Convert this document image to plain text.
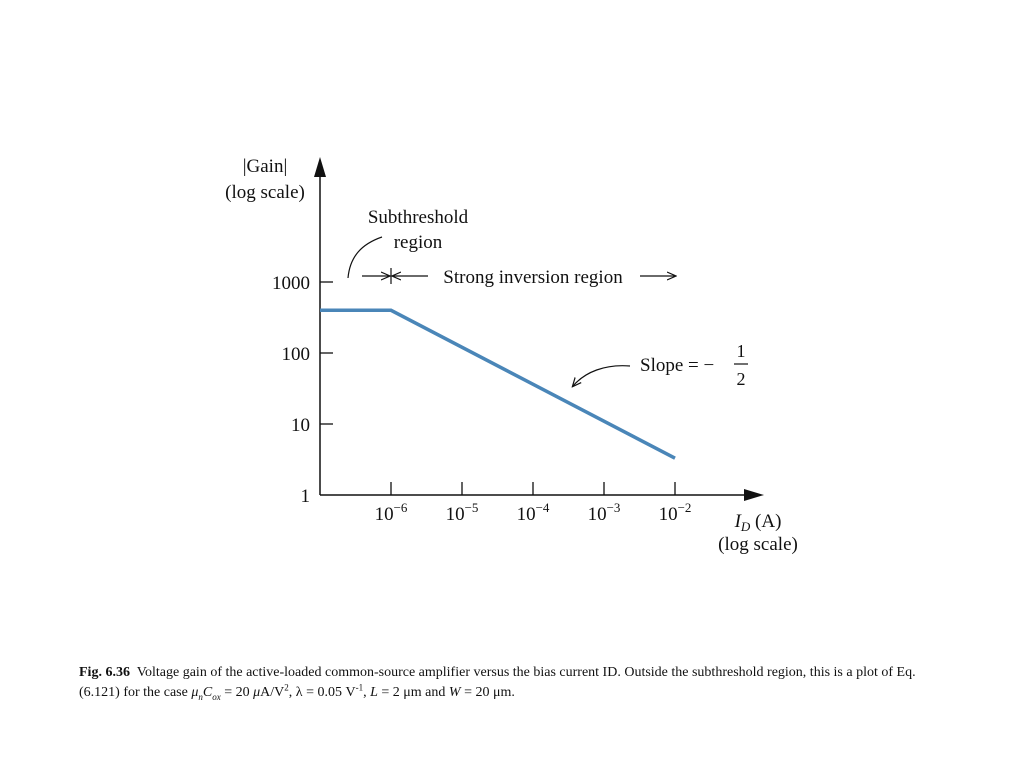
1
10
100
1000
$10^{-6}$ $10^{-5}$ $10^{-4}$ $10^{-3}$ $10^{-2}$
|Gain|
(log scale)
$I_D$ (A)
(log scale)
Subthreshold
region
Strong inversion region
Slope = −
1
2
Fig. 6.36 Voltage gain of the active-loaded common-source amplifier versus the bias current ID. Outside the subthreshold region, this is a plot of Eq. (6.121) for the case $\mu_nC_{ox} = 20$ $\mu A/V^2$, λ = 0.05 $V^{-1}$, L = 2 μm and W = 20 μm.
